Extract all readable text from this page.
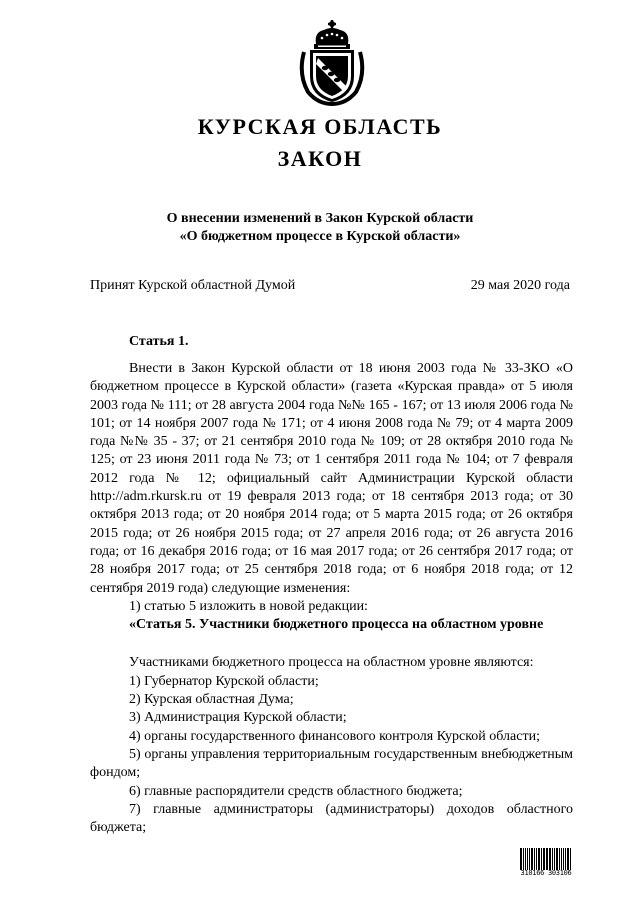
КУРСКАЯ ОБЛАСТЬ
ЗАКОН
О внесении изменений в Закон Курской области
«О бюджетном процессе в Курской области»
Принят Курской областной Думой	29 мая 2020 года
Статья 1.

Внести в Закон Курской области от 18 июня 2003 года № 33-ЗКО «О бюджетном процессе в Курской области» (газета «Курская правда» от 5 июля 2003 года № 111; от 28 августа 2004 года №№ 165 - 167; от 13 июля 2006 года № 101; от 14 ноября 2007 года № 171; от 4 июня 2008 года № 79; от 4 марта 2009 года №№ 35 - 37; от 21 сентября 2010 года № 109; от 28 октября 2010 года № 125; от 23 июня 2011 года № 73; от 1 сентября 2011 года № 104; от 7 февраля 2012 года № 12; официальный сайт Администрации Курской области http://adm.rkursk.ru от 19 февраля 2013 года; от 18 сентября 2013 года; от 30 октября 2013 года; от 20 ноября 2014 года; от 5 марта 2015 года; от 26 октября 2015 года; от 26 ноября 2015 года; от 27 апреля 2016 года; от 26 августа 2016 года; от 16 декабря 2016 года; от 16 мая 2017 года; от 26 сентября 2017 года; от 28 ноября 2017 года; от 25 сентября 2018 года; от 6 ноября 2018 года; от 12 сентября 2019 года) следующие изменения:

1) статью 5 изложить в новой редакции:

«Статья 5. Участники бюджетного процесса на областном уровне

Участниками бюджетного процесса на областном уровне являются:

1) Губернатор Курской области;

2) Курская областная Дума;

3) Администрация Курской области;

4) органы государственного финансового контроля Курской области;

5) органы управления территориальным государственным внебюджетным фондом;

6) главные распорядители средств областного бюджета;

7) главные администраторы (администраторы) доходов областного бюджета;

310166 303106
